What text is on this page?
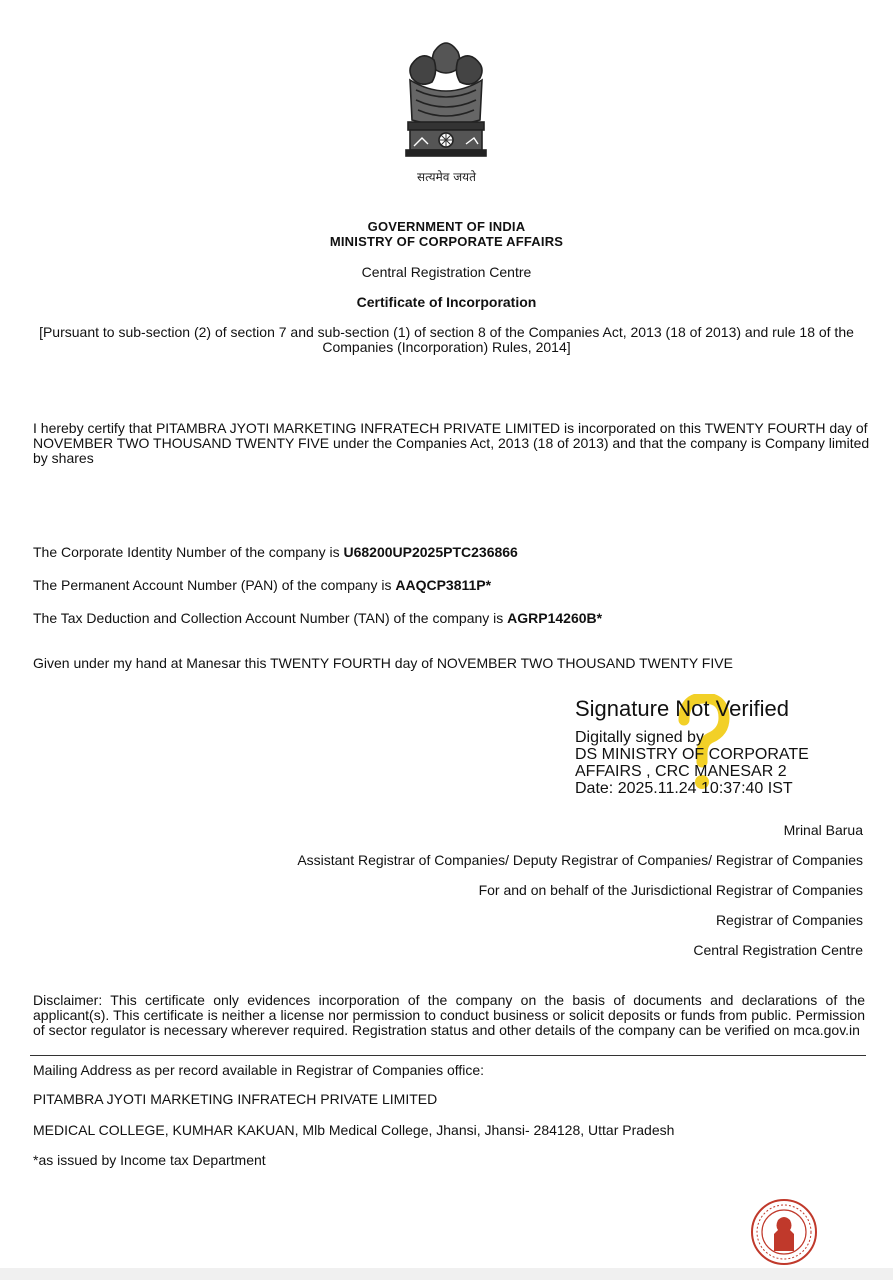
सत्यमेव जयते
GOVERNMENT OF INDIA
MINISTRY OF CORPORATE AFFAIRS
Central Registration Centre
Certificate of Incorporation
[Pursuant to sub-section (2) of section 7 and sub-section (1) of section 8 of the Companies Act, 2013 (18 of 2013) and rule 18 of the Companies (Incorporation) Rules, 2014]
I hereby certify that PITAMBRA JYOTI MARKETING INFRATECH PRIVATE LIMITED is incorporated on this TWENTY FOURTH day of NOVEMBER TWO THOUSAND TWENTY FIVE under the Companies Act, 2013 (18 of 2013) and that the company is Company limited by shares
The Corporate Identity Number of the company is U68200UP2025PTC236866
The Permanent Account Number (PAN) of the company is AAQCP3811P*
The Tax Deduction and Collection Account Number (TAN) of the company is AGRP14260B*
Given under my hand at Manesar this TWENTY FOURTH day of NOVEMBER TWO THOUSAND TWENTY FIVE
Signature Not Verified
Digitally signed by
DS MINISTRY OF CORPORATE
AFFAIRS , CRC MANESAR 2
Date: 2025.11.24 10:37:40 IST
Mrinal Barua
Assistant Registrar of Companies/ Deputy Registrar of Companies/ Registrar of Companies
For and on behalf of the Jurisdictional Registrar of Companies
Registrar of Companies
Central Registration Centre
Disclaimer: This certificate only evidences incorporation of the company on the basis of documents and declarations of the applicant(s). This certificate is neither a license nor permission to conduct business or solicit deposits or funds from public. Permission of sector regulator is necessary wherever required. Registration status and other details of the company can be verified on mca.gov.in
Mailing Address as per record available in Registrar of Companies office:
PITAMBRA JYOTI MARKETING INFRATECH PRIVATE LIMITED
MEDICAL COLLEGE, KUMHAR KAKUAN, Mlb Medical College, Jhansi, Jhansi- 284128, Uttar Pradesh
*as issued by Income tax Department
